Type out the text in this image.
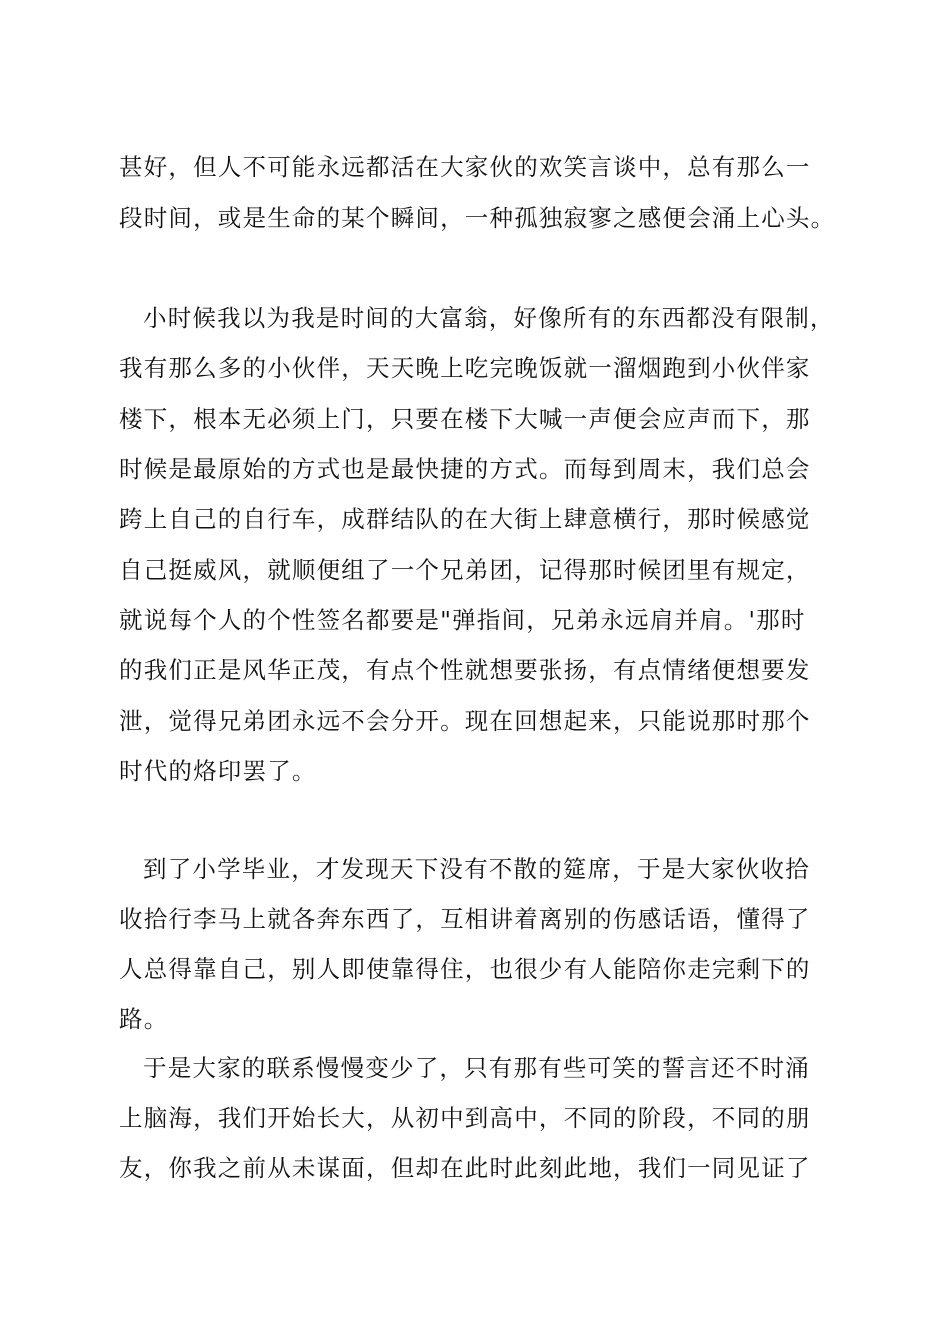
甚好，但人不可能永远都活在大家伙的欢笑言谈中，总有那么一
段时间，或是生命的某个瞬间，一种孤独寂寥之感便会涌上心头。
小时候我以为我是时间的大富翁，好像所有的东西都没有限制，
我有那么多的小伙伴，天天晚上吃完晚饭就一溜烟跑到小伙伴家
楼下，根本无必须上门，只要在楼下大喊一声便会应声而下，那
时候是最原始的方式也是最快捷的方式。而每到周末，我们总会
跨上自己的自行车，成群结队的在大街上肆意横行，那时候感觉
自己挺威风，就顺便组了一个兄弟团，记得那时候团里有规定，
就说每个人的个性签名都要是"弹指间，兄弟永远肩并肩。'那时
的我们正是风华正茂，有点个性就想要张扬，有点情绪便想要发
泄，觉得兄弟团永远不会分开。现在回想起来，只能说那时那个
时代的烙印罢了。
到了小学毕业，才发现天下没有不散的筵席，于是大家伙收拾
收拾行李马上就各奔东西了，互相讲着离别的伤感话语，懂得了
人总得靠自己，别人即使靠得住，也很少有人能陪你走完剩下的
路。
于是大家的联系慢慢变少了，只有那有些可笑的誓言还不时涌
上脑海，我们开始长大，从初中到高中，不同的阶段，不同的朋
友，你我之前从未谋面，但却在此时此刻此地，我们一同见证了
